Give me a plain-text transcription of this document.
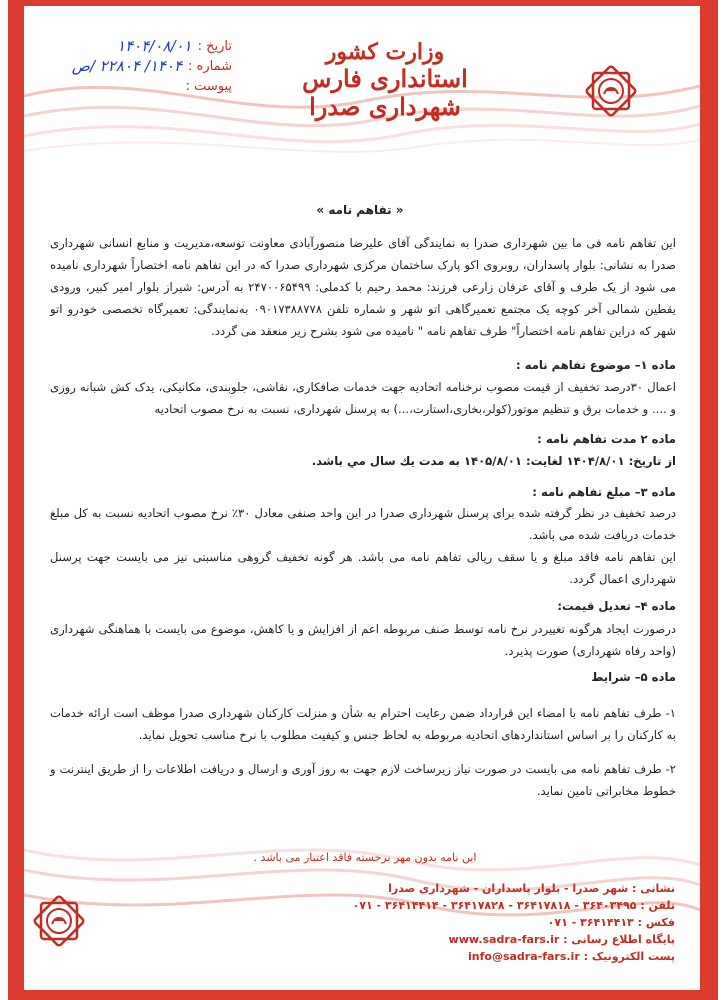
وزارت کشور
استانداری فارس
شهرداری صدرا
تاریخ :
۱۴۰۴/۰۸/۰۱
شماره :
۱۴۰۴/ ۲۲۸۰۴ /ص
پیوست :
« تفاهم نامه »
این تفاهم نامه فی ما بین شهرداری صدرا به نمایندگی آقای علیرضا منصورآبادی معاونت توسعه،مدیریت و منابع انسانی شهرداری صدرا به نشانی: بلوار پاسداران، روبروی اکو پارک ساختمان مرکزی شهرداری صدرا که در این تفاهم نامه اختصاراً شهرداری نامیده می شود از یک طرف و آقای عرفان زارعی فرزند: محمد رحیم با کدملی: ۲۴۷۰۰۶۵۴۹۹ به آدرس: شیراز بلوار امیر کبیر، ورودی یقطین شمالی آخر کوچه یک مجتمع تعمیرگاهی اتو شهر و شماره تلفن ۰۹۰۱۷۳۸۸۷۷۸ به‌نمایندگی: تعمیرگاه تخصصی خودرو اتو شهر که دراین تفاهم نامه اختصاراً" طرف تفاهم نامه " نامیده می شود بشرح زیر منعقد می گردد.
ماده ۱– موضوع تفاهم نامه :
اعمال ۳۰درصد تخفیف از قیمت مصوب نرخنامه اتحادیه جهت خدمات صافکاری، نقاشی، جلوبندی، مکانیکی، یدک کش شبانه روزی و .... و خدمات برق و تنظیم موتور(کولر،بخاری،استارت،...) به پرسنل شهرداری، نسبت به نرخ مصوب اتحادیه
ماده ۲ مدت تفاهم نامه :
از تاریخ: ۱۴۰۴/۸/۰۱ لغایت: ۱۴۰۵/۸/۰۱ به مدت یك سال مي باشد.
ماده ۳– مبلغ تفاهم نامه :
درصد تخفیف در نظر گرفته شده برای پرسنل شهرداری صدرا در این واحد صنفی معادل ۳۰٪ نرخ مصوب اتحادیه نسبت به کل مبلغ خدمات دریافت شده می باشد.
این تفاهم نامه فاقد مبلغ و یا سقف ریالی تفاهم نامه می باشد. هر گونه تخفیف گروهی مناسبتی نیز می بایست جهت پرسنل شهرداری اعمال گردد.
ماده ۴– تعدیل قیمت:
درصورت ایجاد هرگونه تغییردر نرخ نامه توسط صنف مربوطه اعم از افزایش و یا کاهش، موضوع می بایست با هماهنگی شهرداری (واحد رفاه شهرداری) صورت پذیرد.
ماده ۵– شرایط
۱- طرف تفاهم نامه با امضاء این قرارداد ضمن رعایت احترام به شأن و منزلت کارکنان شهرداری صدرا موظف است ارائه خدمات به کارکنان را بر اساس استانداردهای اتحادیه مربوطه به لحاظ جنس و کیفیت مطلوب با نرخ مناسب تحویل نماید.
۲- طرف تفاهم نامه می بایست در صورت نیاز زیرساخت لازم جهت به روز آوری و ارسال و دریافت اطلاعات را از طریق اینترنت و خطوط مخابراتی تامین نماید.
این نامه بدون مهر برجسته فاقد اعتبار می باشد .
نشانی : شهر صدرا - بلوار پاسداران - شهرداری صدرا
تلفن : ۳۶۴۰۳۴۹۵ - ۳۶۴۱۷۸۱۸ - ۳۶۴۱۷۸۲۸ - ۳۶۴۱۴۴۱۴ - ۰۷۱
فکس : ۳۶۴۱۴۴۱۳ - ۰۷۱
پایگاه اطلاع رسانی : www.sadra-fars.ir
پست الکترونیک : info@sadra-fars.ir
